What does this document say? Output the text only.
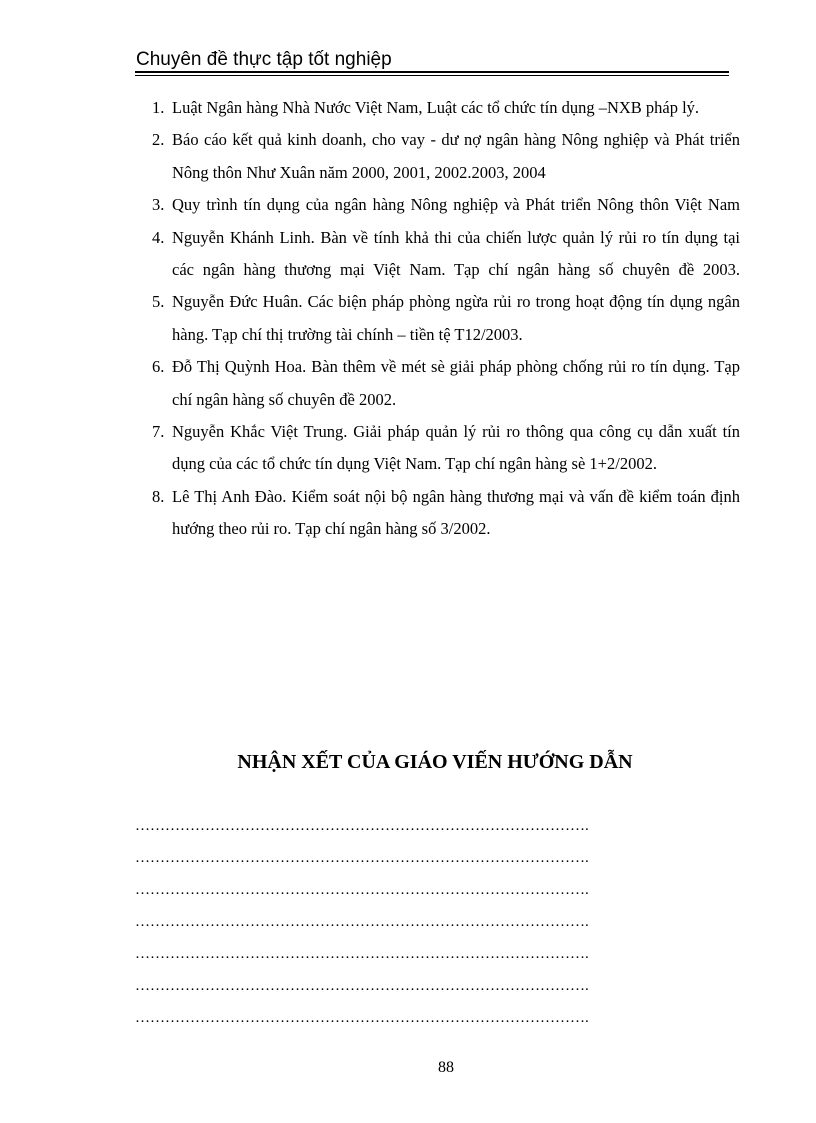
Chuyên đề thực tập tốt nghiệp
1. Luật Ngân hàng Nhà Nước Việt Nam, Luật các tổ chức tín dụng –NXB pháp lý.
2. Báo cáo kết quả kinh doanh, cho vay - dư nợ ngân hàng Nông nghiệp và Phát triển Nông thôn Như Xuân năm 2000, 2001, 2002.2003, 2004
3. Quy trình tín dụng của ngân hàng Nông nghiệp và Phát triển Nông thôn Việt Nam
4. Nguyễn Khánh Linh. Bàn về tính khả thi của chiến lược quản lý rủi ro tín dụng tại các ngân hàng thương mại Việt Nam. Tạp chí ngân hàng số chuyên đề 2003.
5. Nguyễn Đức Huân. Các biện pháp phòng ngừa rủi ro trong hoạt động tín dụng ngân hàng. Tạp chí thị trường tài chính – tiền tệ T12/2003.
6. Đỗ Thị Quỳnh Hoa. Bàn thêm về mét sè giải pháp phòng chống rủi ro tín dụng. Tạp chí ngân hàng số chuyên đề 2002.
7. Nguyễn Khắc Việt Trung. Giải pháp quản lý rủi ro thông qua công cụ dẫn xuất tín dụng của các tổ chức tín dụng Việt Nam. Tạp chí ngân hàng sè 1+2/2002.
8. Lê Thị Anh Đào. Kiểm soát nội bộ ngân hàng thương mại và vấn đề kiểm toán định hướng theo rủi ro. Tạp chí ngân hàng số 3/2002.
NHẬN XẾT CỦA GIÁO VIẾN HƯỚNG DẪN
……………………………………………………………………………….
……………………………………………………………………………….
……………………………………………………………………………….
……………………………………………………………………………….
……………………………………………………………………………….
……………………………………………………………………………….
……………………………………………………………………………….
88
